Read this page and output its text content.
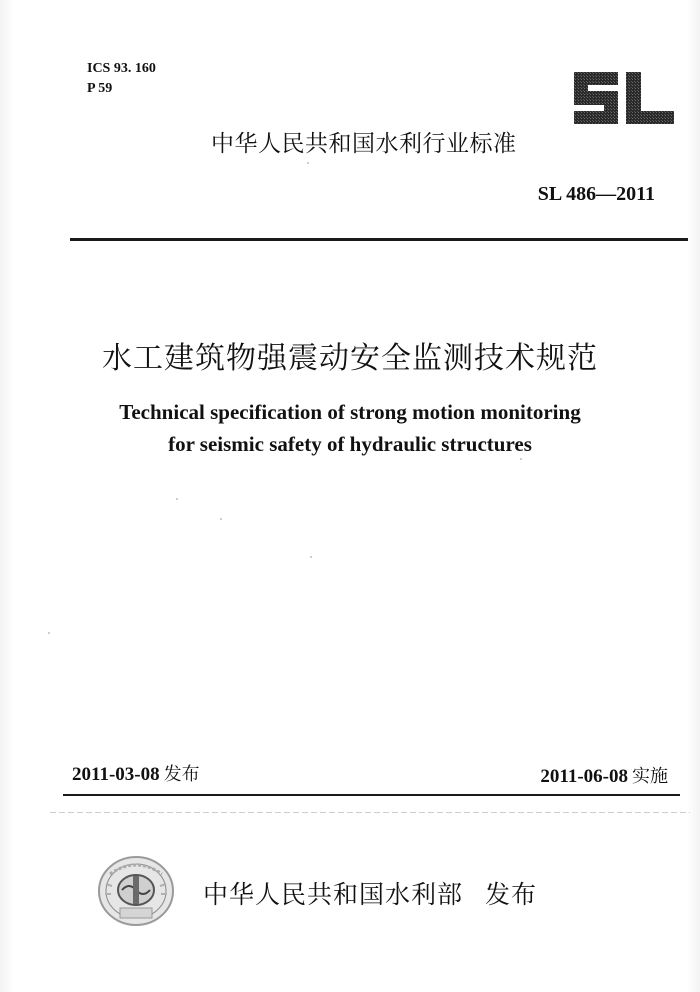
ICS 93. 160
P 59
中华人民共和国水利行业标准
SL 486—2011
水工建筑物强震动安全监测技术规范
Technical specification of strong motion monitoring
for seismic safety of hydraulic structures
2011-03-08 发布	2011-06-08 实施
中华人民共和国水利部 发布
